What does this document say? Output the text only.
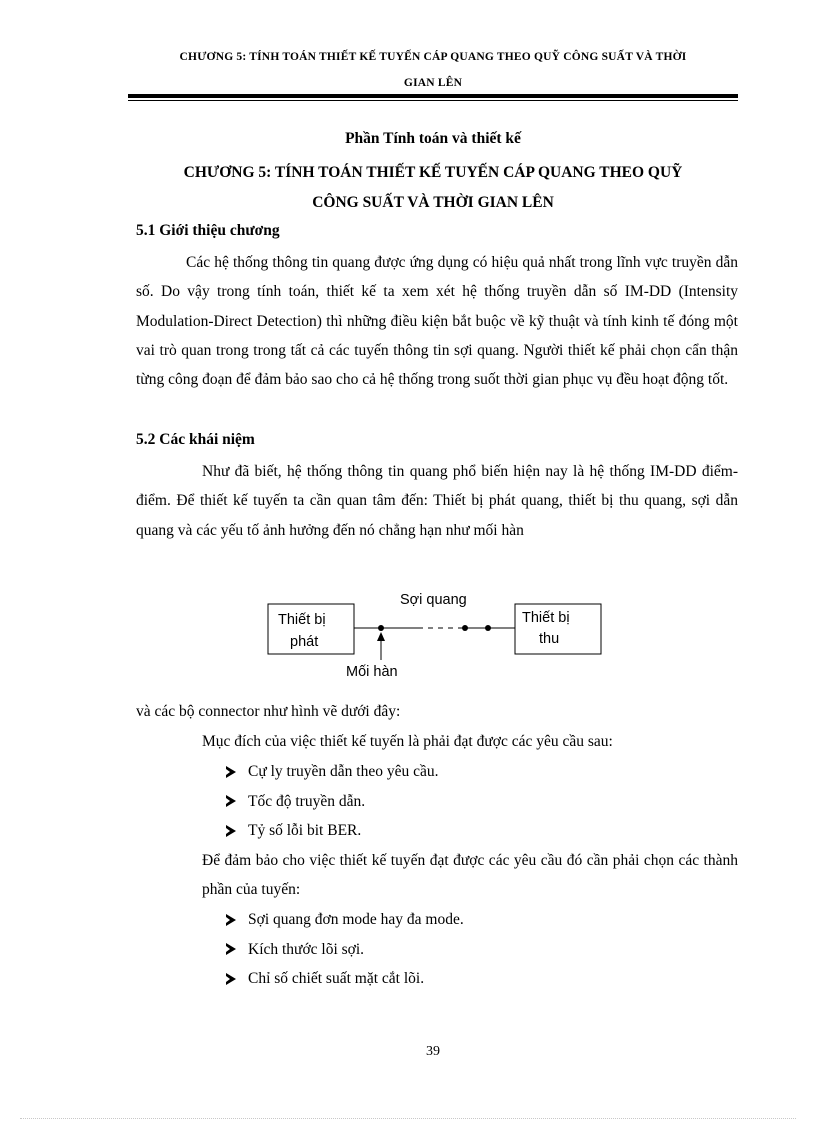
CHƯƠNG 5: TÍNH TOÁN THIẾT KẾ TUYẾN CÁP QUANG THEO QUỸ CÔNG SUẤT VÀ THỜI
GIAN LÊN
Phần Tính toán và thiết kế
CHƯƠNG 5: TÍNH TOÁN THIẾT KẾ TUYẾN CÁP QUANG THEO QUỸ
CÔNG SUẤT VÀ THỜI GIAN LÊN
5.1 Giới thiệu chương

Các hệ thống thông tin quang được ứng dụng có hiệu quả nhất trong lĩnh vực truyền dẫn số. Do vậy trong tính toán, thiết kế ta xem xét hệ thống truyền dẫn số IM-DD (Intensity Modulation-Direct Detection) thì những điều kiện bắt buộc về kỹ thuật và tính kinh tế đóng một vai trò quan trong trong tất cả các tuyến thông tin sợi quang. Người thiết kế phải chọn cẩn thận từng công đoạn để đảm bảo sao cho cả hệ thống trong suốt thời gian phục vụ đều hoạt động tốt.

5.2 Các khái niệm

Như đã biết, hệ thống thông tin quang phổ biến hiện nay là hệ thống IM-DD điểm-điểm. Để thiết kế tuyến ta cần quan tâm đến: Thiết bị phát quang, thiết bị thu quang, sợi dẫn quang và các yếu tố ảnh hưởng đến nó chẳng hạn như mối hàn

Thiết bị
phát
Sợi quang
Thiết bị
thu
Mối hàn
và các bộ connector như hình vẽ dưới đây:
Mục đích của việc thiết kế tuyến là phải đạt được các yêu cầu sau:
Cự ly truyền dẫn theo yêu cầu.
Tốc độ truyền dẫn.
Tỷ số lỗi bit BER.

Để đảm bảo cho việc thiết kế tuyến đạt được các yêu cầu đó cần phải chọn các thành phần của tuyến:

Sợi quang đơn mode hay đa mode.
Kích thước lõi sợi.
Chỉ số chiết suất mặt cắt lõi.
39
